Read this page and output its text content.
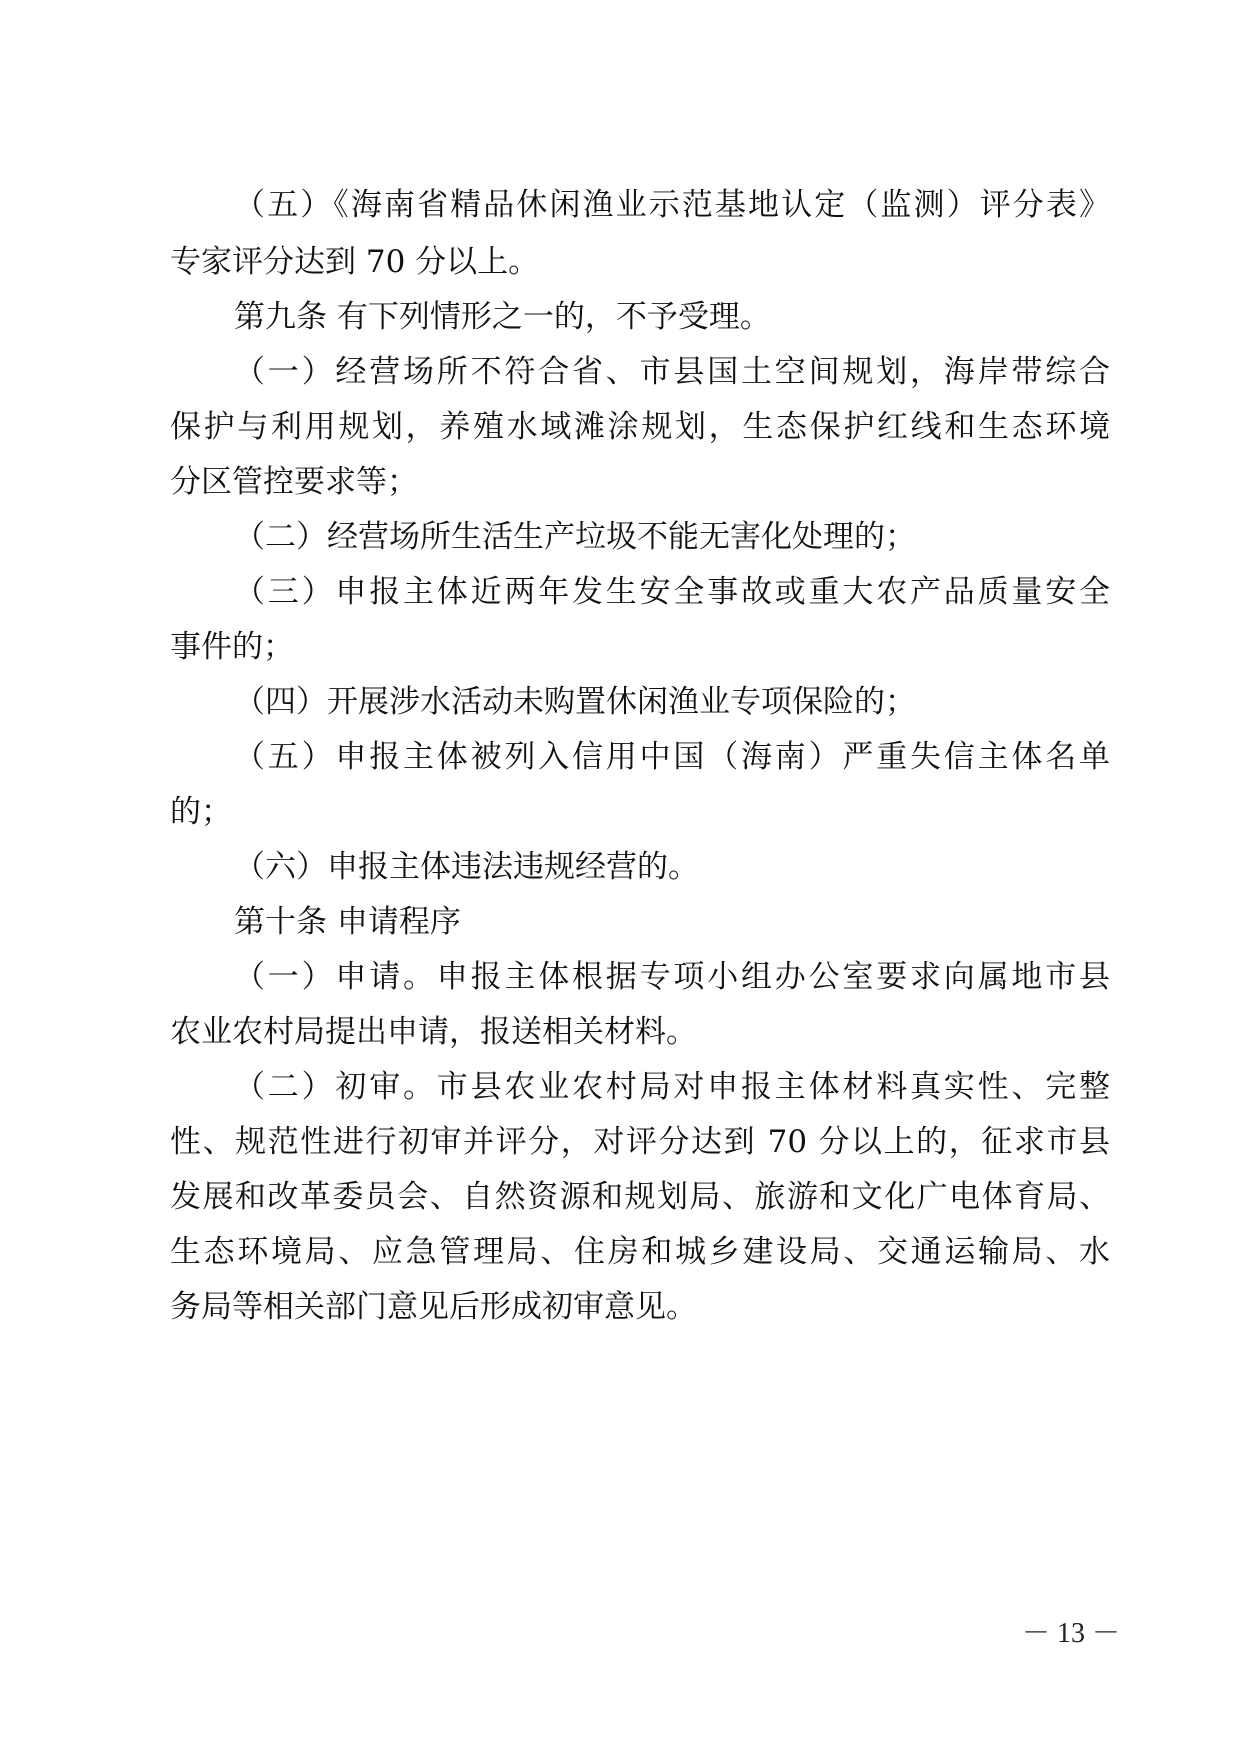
（五）《海南省精品休闲渔业示范基地认定（监测）评分表》
专家评分达到 70 分以上。
第九条 有下列情形之一的，不予受理。
（一）经营场所不符合省、市县国土空间规划，海岸带综合
保护与利用规划，养殖水域滩涂规划，生态保护红线和生态环境
分区管控要求等；
（二）经营场所生活生产垃圾不能无害化处理的；
（三）申报主体近两年发生安全事故或重大农产品质量安全
事件的；
（四）开展涉水活动未购置休闲渔业专项保险的；
（五）申报主体被列入信用中国（海南）严重失信主体名单
的；
（六）申报主体违法违规经营的。
第十条 申请程序
（一）申请。申报主体根据专项小组办公室要求向属地市县
农业农村局提出申请，报送相关材料。
（二）初审。市县农业农村局对申报主体材料真实性、完整
性、规范性进行初审并评分，对评分达到 70 分以上的，征求市县
发展和改革委员会、自然资源和规划局、旅游和文化广电体育局、
生态环境局、应急管理局、住房和城乡建设局、交通运输局、水
务局等相关部门意见后形成初审意见。
－ 13 －
